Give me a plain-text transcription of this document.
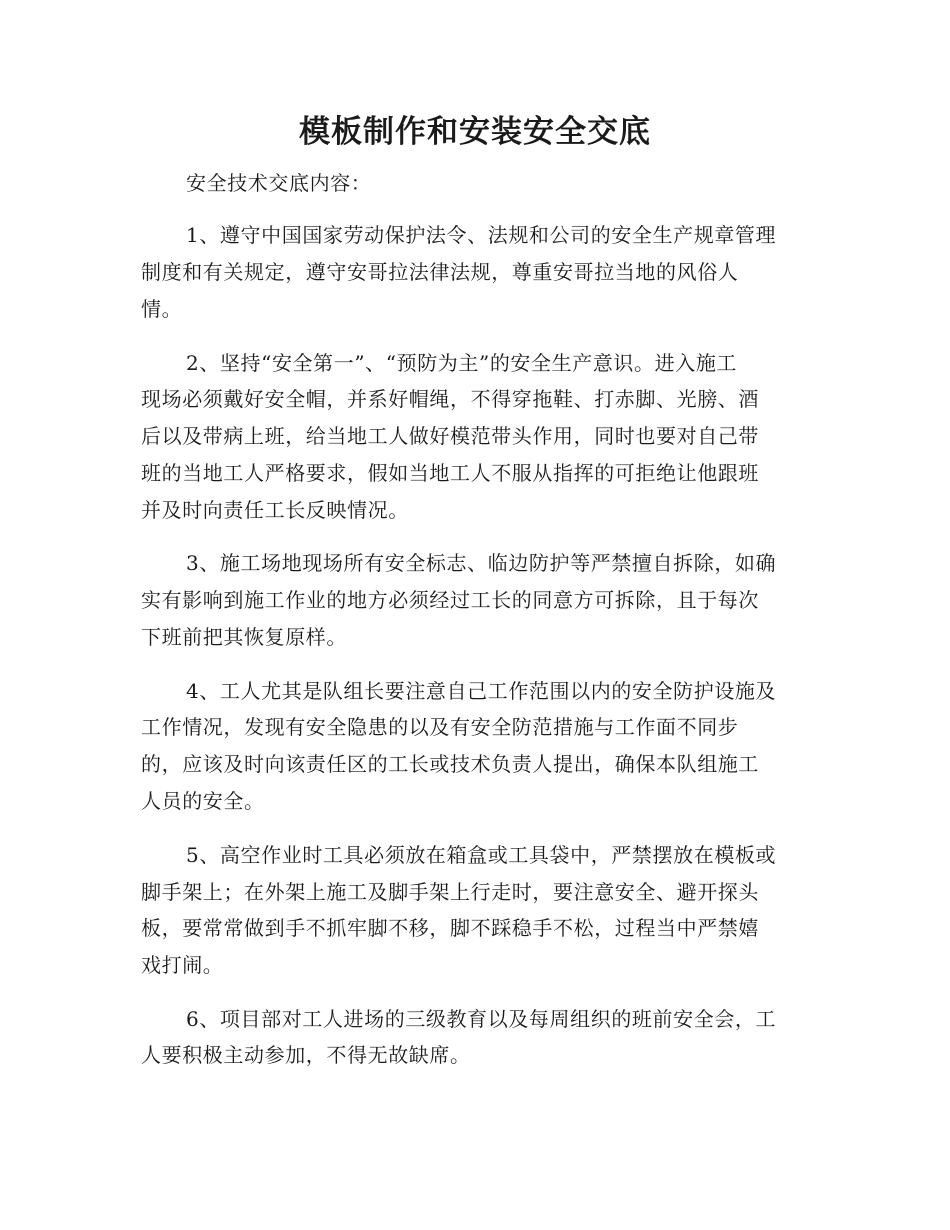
模板制作和安装安全交底

安全技术交底内容：

1、遵守中国国家劳动保护法令、法规和公司的安全生产规章管理

制度和有关规定，遵守安哥拉法律法规，尊重安哥拉当地的风俗人

情。

2、坚持“安全第一”、“预防为主”的安全生产意识。进入施工

现场必须戴好安全帽，并系好帽绳，不得穿拖鞋、打赤脚、光膀、酒

后以及带病上班，给当地工人做好模范带头作用，同时也要对自己带

班的当地工人严格要求，假如当地工人不服从指挥的可拒绝让他跟班

并及时向责任工长反映情况。

3、施工场地现场所有安全标志、临边防护等严禁擅自拆除，如确

实有影响到施工作业的地方必须经过工长的同意方可拆除，且于每次

下班前把其恢复原样。

4、工人尤其是队组长要注意自己工作范围以内的安全防护设施及

工作情况，发现有安全隐患的以及有安全防范措施与工作面不同步

的，应该及时向该责任区的工长或技术负责人提出，确保本队组施工

人员的安全。

5、高空作业时工具必须放在箱盒或工具袋中，严禁摆放在模板或

脚手架上；在外架上施工及脚手架上行走时，要注意安全、避开探头

板，要常常做到手不抓牢脚不移，脚不踩稳手不松，过程当中严禁嬉

戏打闹。

6、项目部对工人进场的三级教育以及每周组织的班前安全会，工

人要积极主动参加，不得无故缺席。
